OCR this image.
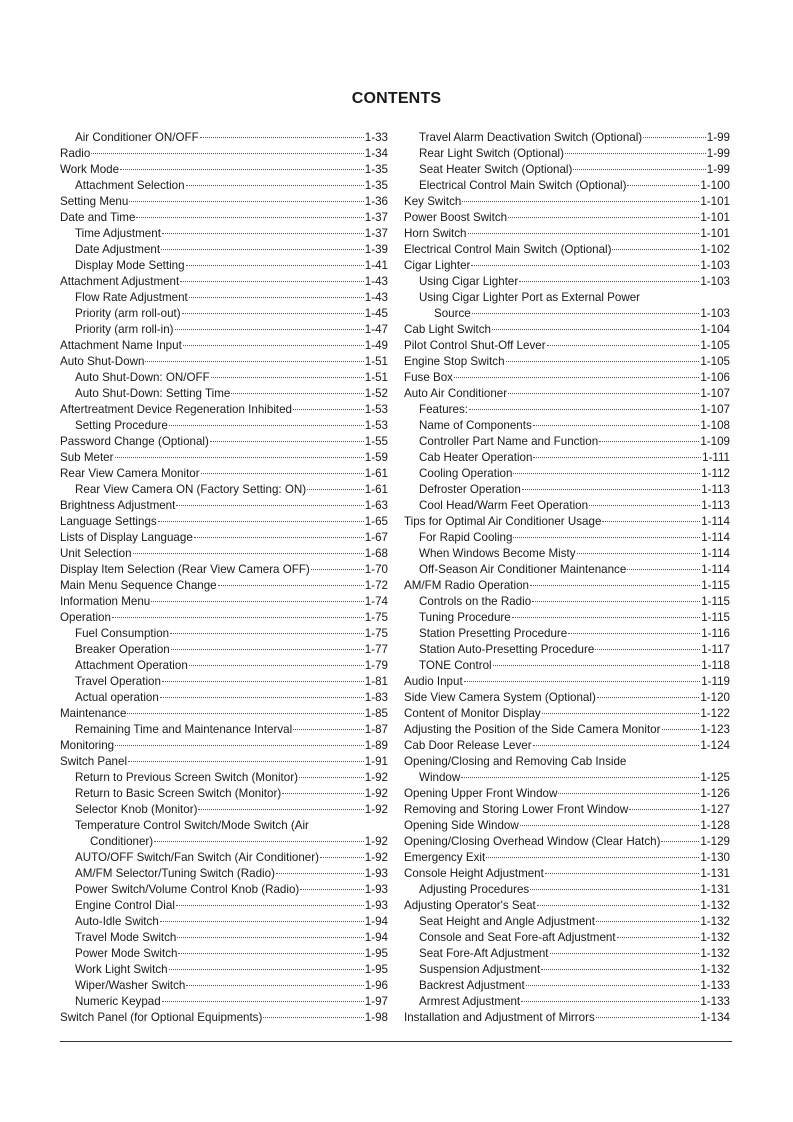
CONTENTS
Air Conditioner ON/OFF	1-33
Radio	1-34
Work Mode	1-35
Attachment Selection	1-35
Setting Menu	1-36
Date and Time	1-37
Time Adjustment	1-37
Date Adjustment	1-39
Display Mode Setting	1-41
Attachment Adjustment	1-43
Flow Rate Adjustment	1-43
Priority (arm roll-out)	1-45
Priority (arm roll-in)	1-47
Attachment Name Input	1-49
Auto Shut-Down	1-51
Auto Shut-Down: ON/OFF	1-51
Auto Shut-Down: Setting Time	1-52
Aftertreatment Device Regeneration Inhibited	1-53
Setting Procedure	1-53
Password Change (Optional)	1-55
Sub Meter	1-59
Rear View Camera Monitor	1-61
Rear View Camera ON (Factory Setting: ON)	1-61
Brightness Adjustment	1-63
Language Settings	1-65
Lists of Display Language	1-67
Unit Selection	1-68
Display Item Selection (Rear View Camera OFF)	1-70
Main Menu Sequence Change	1-72
Information Menu	1-74
Operation	1-75
Fuel Consumption	1-75
Breaker Operation	1-77
Attachment Operation	1-79
Travel Operation	1-81
Actual operation	1-83
Maintenance	1-85
Remaining Time and Maintenance Interval	1-87
Monitoring	1-89
Switch Panel	1-91
Return to Previous Screen Switch (Monitor)	1-92
Return to Basic Screen Switch (Monitor)	1-92
Selector Knob (Monitor)	1-92
Temperature Control Switch/Mode Switch (Air
Conditioner)	1-92
AUTO/OFF Switch/Fan Switch (Air Conditioner)	1-92
AM/FM Selector/Tuning Switch (Radio)	1-93
Power Switch/Volume Control Knob (Radio)	1-93
Engine Control Dial	1-93
Auto-Idle Switch	1-94
Travel Mode Switch	1-94
Power Mode Switch	1-95
Work Light Switch	1-95
Wiper/Washer Switch	1-96
Numeric Keypad	1-97
Switch Panel (for Optional Equipments)	1-98
Travel Alarm Deactivation Switch (Optional)	1-99
Rear Light Switch (Optional)	1-99
Seat Heater Switch (Optional)	1-99
Electrical Control Main Switch (Optional)	1-100
Key Switch	1-101
Power Boost Switch	1-101
Horn Switch	1-101
Electrical Control Main Switch (Optional)	1-102
Cigar Lighter	1-103
Using Cigar Lighter	1-103
Using Cigar Lighter Port as External Power
Source	1-103
Cab Light Switch	1-104
Pilot Control Shut-Off Lever	1-105
Engine Stop Switch	1-105
Fuse Box	1-106
Auto Air Conditioner	1-107
Features:	1-107
Name of Components	1-108
Controller Part Name and Function	1-109
Cab Heater Operation	1-111
Cooling Operation	1-112
Defroster Operation	1-113
Cool Head/Warm Feet Operation	1-113
Tips for Optimal Air Conditioner Usage	1-114
For Rapid Cooling	1-114
When Windows Become Misty	1-114
Off-Season Air Conditioner Maintenance	1-114
AM/FM Radio Operation	1-115
Controls on the Radio	1-115
Tuning Procedure	1-115
Station Presetting Procedure	1-116
Station Auto-Presetting Procedure	1-117
TONE Control	1-118
Audio Input	1-119
Side View Camera System (Optional)	1-120
Content of Monitor Display	1-122
Adjusting the Position of the Side Camera Monitor	1-123
Cab Door Release Lever	1-124
Opening/Closing and Removing Cab Inside
Window	1-125
Opening Upper Front Window	1-126
Removing and Storing Lower Front Window	1-127
Opening Side Window	1-128
Opening/Closing Overhead Window (Clear Hatch)	1-129
Emergency Exit	1-130
Console Height Adjustment	1-131
Adjusting Procedures	1-131
Adjusting Operator's Seat	1-132
Seat Height and Angle Adjustment	1-132
Console and Seat Fore-aft Adjustment	1-132
Seat Fore-Aft Adjustment	1-132
Suspension Adjustment	1-132
Backrest Adjustment	1-133
Armrest Adjustment	1-133
Installation and Adjustment of Mirrors	1-134
